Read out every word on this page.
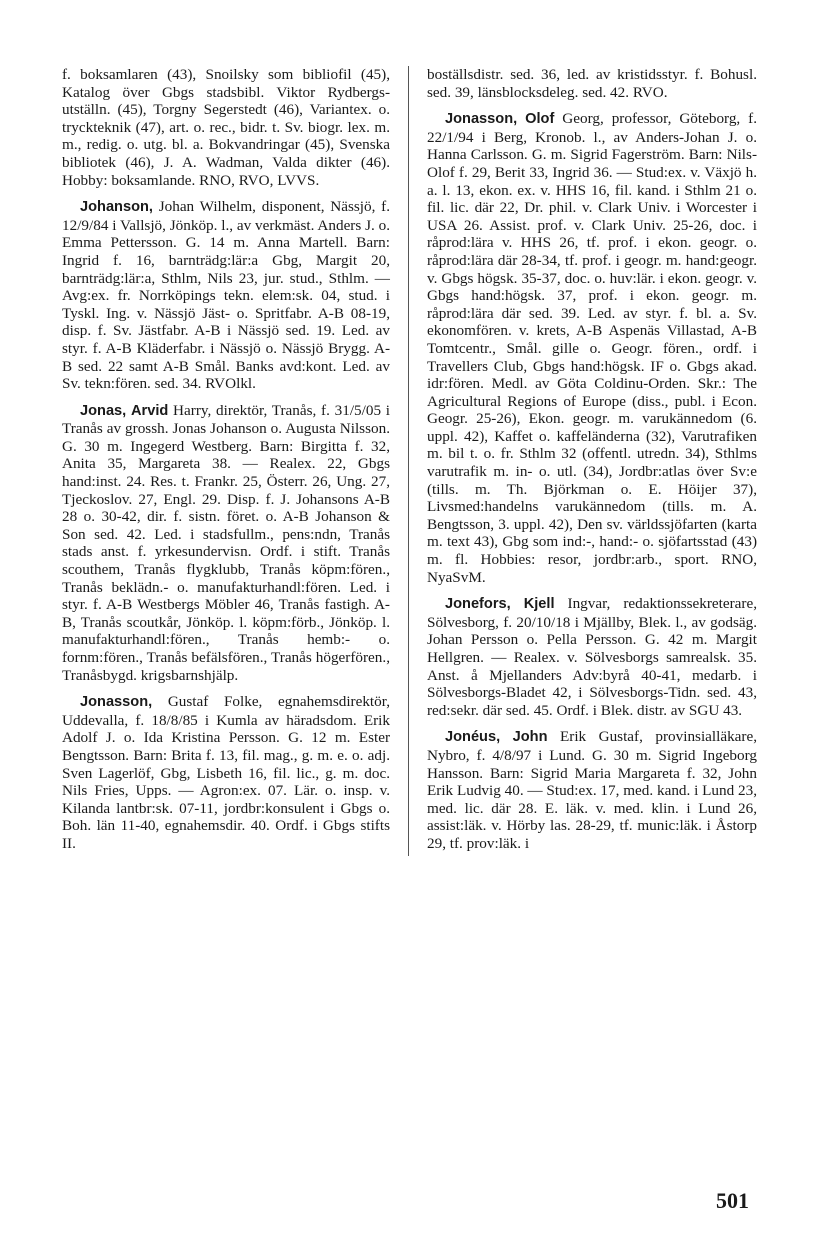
f. boksamlaren (43), Snoilsky som bibliofil (45), Katalog över Gbgs stadsbibl. Viktor Rydbergs-utställn. (45), Torgny Segerstedt (46), Variantex. o. tryckteknik (47), art. o. rec., bidr. t. Sv. biogr. lex. m. m., redig. o. utg. bl. a. Bokvandringar (45), Svenska bibliotek (46), J. A. Wadman, Valda dikter (46). Hobby: boksamlande. RNO, RVO, LVVS.

Johanson, Johan Wilhelm, disponent, Nässjö, f. 12/9/84 i Vallsjö, Jönköp. l., av verkmäst. Anders J. o. Emma Pettersson. G. 14 m. Anna Martell. Barn: Ingrid f. 16, barnträdg:lär:a Gbg, Margit 20, barnträdg:lär:a, Sthlm, Nils 23, jur. stud., Sthlm. — Avg:ex. fr. Norrköpings tekn. elem:sk. 04, stud. i Tyskl. Ing. v. Nässjö Jäst- o. Spritfabr. A-B 08-19, disp. f. Sv. Jästfabr. A-B i Nässjö sed. 19. Led. av styr. f. A-B Kläderfabr. i Nässjö o. Nässjö Brygg. A-B sed. 22 samt A-B Smål. Banks avd:kont. Led. av Sv. tekn:fören. sed. 34. RVOlkl.

Jonas, Arvid Harry, direktör, Tranås, f. 31/5/05 i Tranås av grossh. Jonas Johanson o. Augusta Nilsson. G. 30 m. Ingegerd Westberg. Barn: Birgitta f. 32, Anita 35, Margareta 38. — Realex. 22, Gbgs hand:inst. 24. Res. t. Frankr. 25, Österr. 26, Ung. 27, Tjeckoslov. 27, Engl. 29. Disp. f. J. Johansons A-B 28 o. 30-42, dir. f. sistn. föret. o. A-B Johanson & Son sed. 42. Led. i stadsfullm., pens:ndn, Tranås stads anst. f. yrkesundervisn. Ordf. i stift. Tranås scouthem, Tranås flygklubb, Tranås köpm:fören., Tranås beklädn.- o. manufakturhandl:fören. Led. i styr. f. A-B Westbergs Möbler 46, Tranås fastigh. A-B, Tranås scoutkår, Jönköp. l. köpm:förb., Jönköp. l. manufakturhandl:fören., Tranås hemb:- o. fornm:fören., Tranås befälsfören., Tranås högerfören., Tranåsbygd. krigsbarnshjälp.

Jonasson, Gustaf Folke, egnahemsdirektör, Uddevalla, f. 18/8/85 i Kumla av häradsdom. Erik Adolf J. o. Ida Kristina Persson. G. 12 m. Ester Bengtsson. Barn: Brita f. 13, fil. mag., g. m. e. o. adj. Sven Lagerlöf, Gbg, Lisbeth 16, fil. lic., g. m. doc. Nils Fries, Upps. — Agron:ex. 07. Lär. o. insp. v. Kilanda lantbr:sk. 07-11, jordbr:konsulent i Gbgs o. Boh. län 11-40, egnahemsdir. 40. Ordf. i Gbgs stifts II.

boställsdistr. sed. 36, led. av kristidsstyr. f. Bohusl. sed. 39, länsblocksdeleg. sed. 42. RVO.

Jonasson, Olof Georg, professor, Göteborg, f. 22/1/94 i Berg, Kronob. l., av Anders-Johan J. o. Hanna Carlsson. G. m. Sigrid Fagerström. Barn: Nils-Olof f. 29, Berit 33, Ingrid 36. — Stud:ex. v. Växjö h. a. l. 13, ekon. ex. v. HHS 16, fil. kand. i Sthlm 21 o. fil. lic. där 22, Dr. phil. v. Clark Univ. i Worcester i USA 26. Assist. prof. v. Clark Univ. 25-26, doc. i råprod:lära v. HHS 26, tf. prof. i ekon. geogr. o. råprod:lära där 28-34, tf. prof. i geogr. m. hand:geogr. v. Gbgs högsk. 35-37, doc. o. huv:lär. i ekon. geogr. v. Gbgs hand:högsk. 37, prof. i ekon. geogr. m. råprod:lära där sed. 39. Led. av styr. f. bl. a. Sv. ekonomfören. v. krets, A-B Aspenäs Villastad, A-B Tomtcentr., Smål. gille o. Geogr. fören., ordf. i Travellers Club, Gbgs hand:högsk. IF o. Gbgs akad. idr:fören. Medl. av Göta Coldinu-Orden. Skr.: The Agricultural Regions of Europe (diss., publ. i Econ. Geogr. 25-26), Ekon. geogr. m. varukännedom (6. uppl. 42), Kaffet o. kaffeländerna (32), Varutrafiken m. bil t. o. fr. Sthlm 32 (offentl. utredn. 34), Sthlms varutrafik m. in- o. utl. (34), Jordbr:atlas över Sv:e (tills. m. Th. Björkman o. E. Höijer 37), Livsmed:handelns varukännedom (tills. m. A. Bengtsson, 3. uppl. 42), Den sv. världssjöfarten (karta m. text 43), Gbg som ind:-, hand:- o. sjöfartsstad (43) m. fl. Hobbies: resor, jordbr:arb., sport. RNO, NyaSvM.

Jonefors, Kjell Ingvar, redaktionssekreterare, Sölvesborg, f. 20/10/18 i Mjällby, Blek. l., av godsäg. Johan Persson o. Pella Persson. G. 42 m. Margit Hellgren. — Realex. v. Sölvesborgs samrealsk. 35. Anst. å Mjellanders Adv:byrå 40-41, medarb. i Sölvesborgs-Bladet 42, i Sölvesborgs-Tidn. sed. 43, red:sekr. där sed. 45. Ordf. i Blek. distr. av SGU 43.

Jonéus, John Erik Gustaf, provinsialläkare, Nybro, f. 4/8/97 i Lund. G. 30 m. Sigrid Ingeborg Hansson. Barn: Sigrid Maria Margareta f. 32, John Erik Ludvig 40. — Stud:ex. 17, med. kand. i Lund 23, med. lic. där 28. E. läk. v. med. klin. i Lund 26, assist:läk. v. Hörby las. 28-29, tf. munic:läk. i Åstorp 29, tf. prov:läk. i

501
